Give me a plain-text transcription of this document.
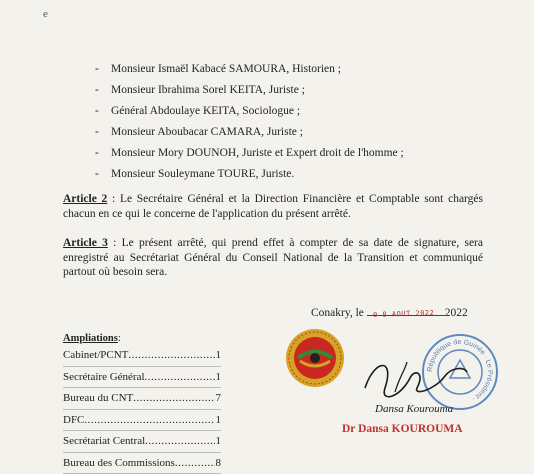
e
-	Monsieur Ismaël Kabacé SAMOURA, Historien ;
-	Monsieur Ibrahima Sorel KEITA, Juriste ;
-	Général Abdoulaye KEITA, Sociologue ;
-	Monsieur Aboubacar CAMARA, Juriste ;
-	Monsieur Mory DOUNOH, Juriste et Expert droit de l'homme ;
-	Monsieur Souleymane TOURE, Juriste.
Article 2 : Le Secrétaire Général et la Direction Financière et Comptable sont chargés chacun en ce qui le concerne de l'application du présent arrêté.
Article 3 : Le présent arrêté, qui prend effet à compter de sa date de signature, sera enregistré au Secrétariat Général du Conseil National de la Transition et communiqué partout où besoin sera.
Conakry, le 0 8 AOUT 2022 2022
Ampliations:
Cabinet/PCNT .....	1
Secrétaire Général .....	1
Bureau du CNT .....	7
DFC .....	1
Secrétariat Central .....	1
Bureau des Commissions .....	8
République de Guinée · Le Président ·
Dansa Kourouma
Dr Dansa KOUROUMA
